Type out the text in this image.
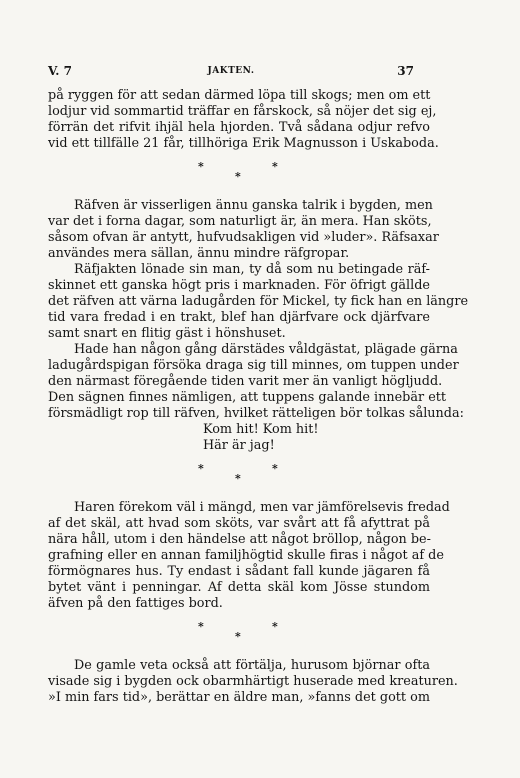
V. 7	JAKTEN.	37
på ryggen för att sedan därmed löpa till skogs; men om ett
lodjur vid sommartid träffar en fårskock, så nöjer det sig ej,
förrän det rifvit ihjäl hela hjorden. Två sådana odjur refvo
vid ett tillfälle 21 får, tillhöriga Erik Magnusson i Uskaboda.
*	*
*
Räfven är visserligen ännu ganska talrik i bygden, men
var det i forna dagar, som naturligt är, än mera. Han sköts,
såsom ofvan är antytt, hufvudsakligen vid »luder». Räfsaxar
användes mera sällan, ännu mindre räfgropar.
Räfjakten lönade sin man, ty då som nu betingade räf-
skinnet ett ganska högt pris i marknaden. För öfrigt gällde
det räfven att värna ladugården för Mickel, ty fick han en längre
tid vara fredad i en trakt, blef han djärfvare ock djärfvare
samt snart en flitig gäst i hönshuset.
Hade han någon gång därstädes våldgästat, plägade gärna
ladugårdspigan försöka draga sig till minnes, om tuppen under
den närmast föregående tiden varit mer än vanligt högljudd.
Den sägnen finnes nämligen, att tuppens galande innebär ett
försmädligt rop till räfven, hvilket rätteligen bör tolkas sålunda:
Kom hit! Kom hit!
Här är jag!
*	*
*
Haren förekom väl i mängd, men var jämförelsevis fredad
af det skäl, att hvad som sköts, var svårt att få afyttrat på
nära håll, utom i den händelse att något bröllop, någon be-
grafning eller en annan familjhögtid skulle firas i något af de
förmögnares hus. Ty endast i sådant fall kunde jägaren få
bytet vänt i penningar. Af detta skäl kom Jösse stundom
äfven på den fattiges bord.
*	*
*
De gamle veta också att förtälja, hurusom björnar ofta
visade sig i bygden ock obarmhärtigt huserade med kreaturen.
»I min fars tid», berättar en äldre man, »fanns det gott om
